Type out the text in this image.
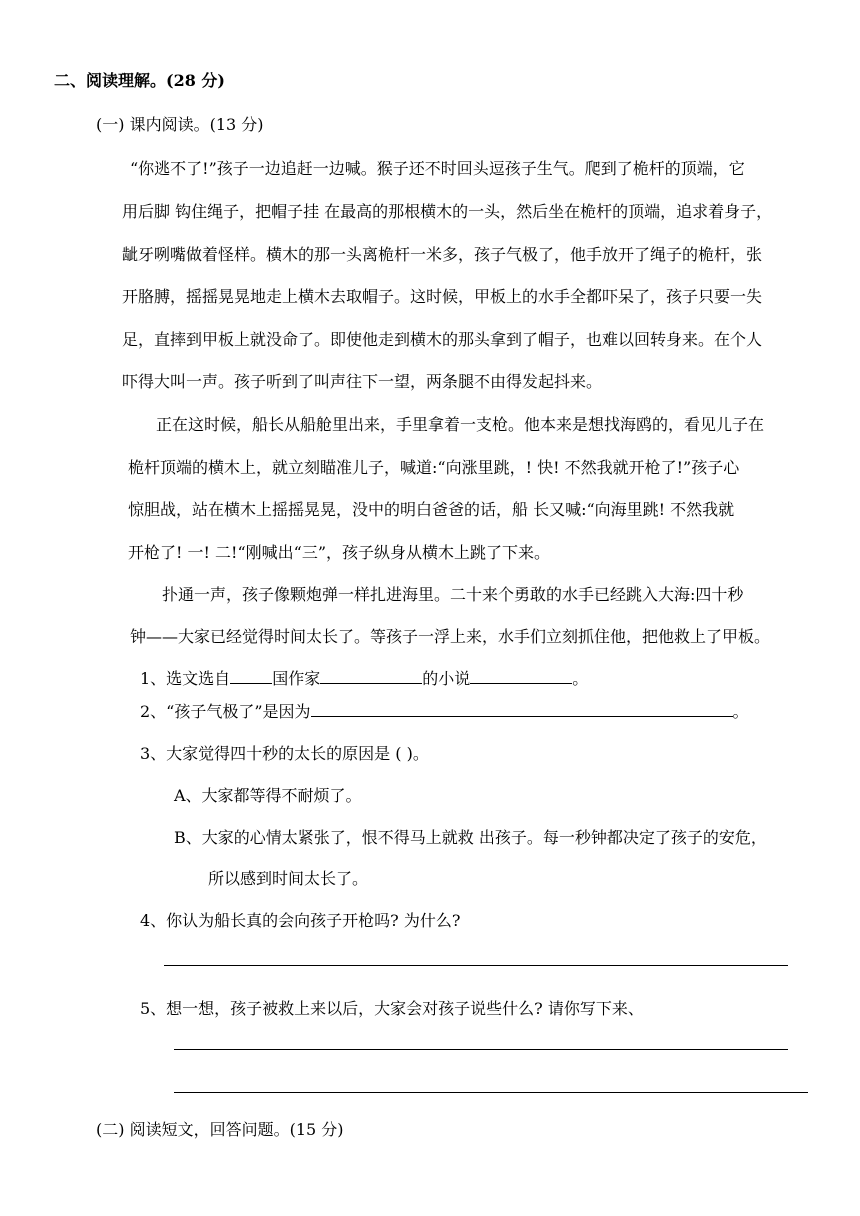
二、阅读理解。(28 分)
(一) 课内阅读。(13 分)
“你逃不了!”孩子一边追赶一边喊。猴子还不时回头逗孩子生气。爬到了桅杆的顶端，它
用后脚 钩住绳子，把帽子挂 在最高的那根横木的一头，然后坐在桅杆的顶端，追求着身子，
龇牙咧嘴做着怪样。横木的那一头离桅杆一米多，孩子气极了，他手放开了绳子的桅杆，张
开胳膊，摇摇晃晃地走上横木去取帽子。这时候，甲板上的水手全都吓呆了，孩子只要一失
足，直摔到甲板上就没命了。即使他走到横木的那头拿到了帽子，也难以回转身来。在个人
吓得大叫一声。孩子听到了叫声往下一望，两条腿不由得发起抖来。
正在这时候，船长从船舱里出来，手里拿着一支枪。他本来是想找海鸥的，看见儿子在
桅杆顶端的横木上，就立刻瞄准儿子，喊道:“向涨里跳，! 快! 不然我就开枪了!”孩子心
惊胆战，站在横木上摇摇晃晃，没中的明白爸爸的话，船 长又喊:“向海里跳! 不然我就
开枪了! 一! 二!“刚喊出“三”，孩子纵身从横木上跳了下来。
扑通一声，孩子像颗炮弹一样扎进海里。二十来个勇敢的水手已经跳入大海:四十秒
钟——大家已经觉得时间太长了。等孩子一浮上来，水手们立刻抓住他，把他救上了甲板。
1、选文选自	国作家	的小说	。
2、“孩子气极了”是因为	。
3、大家觉得四十秒的太长的原因是 ( )。
A、大家都等得不耐烦了。
B、大家的心情太紧张了，恨不得马上就救 出孩子。每一秒钟都决定了孩子的安危，
所以感到时间太长了。
4、你认为船长真的会向孩子开枪吗? 为什么?
5、想一想，孩子被救上来以后，大家会对孩子说些什么? 请你写下来、
(二) 阅读短文，回答问题。(15 分)
